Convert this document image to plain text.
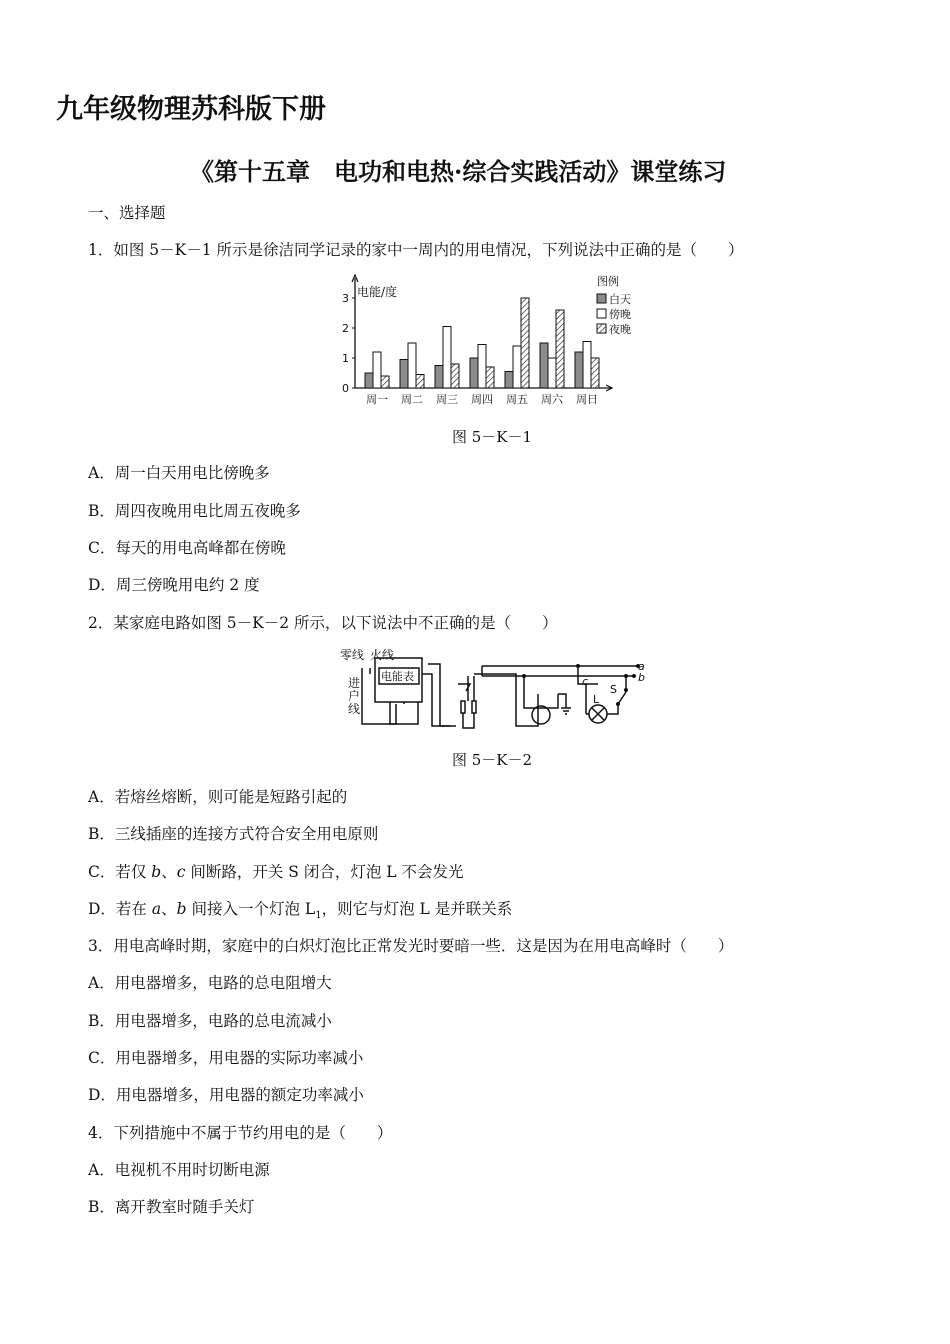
九年级物理苏科版下册
《第十五章　电功和电热·综合实践活动》课堂练习
一、选择题
1．如图 5－K－1 所示是徐洁同学记录的家中一周内的用电情况，下列说法中正确的是（　　）
周一 周二 周三 周四 周五 周六 周日
0
1
2
3 电能/度
图例
白天
傍晚
夜晚
图 5－K－1
A．周一白天用电比傍晚多
B．周四夜晚用电比周五夜晚多
C．每天的用电高峰都在傍晚
D．周三傍晚用电约 2 度
2．某家庭电路如图 5－K－2 所示，以下说法中不正确的是（　　）
零线 火线
进
户
线
电能表
a
b
c
L
S
图 5－K－2
A．若熔丝熔断，则可能是短路引起的
B．三线插座的连接方式符合安全用电原则
C．若仅 b、c 间断路，开关 S 闭合，灯泡 L 不会发光
D．若在 a、b 间接入一个灯泡 $L_1$，则它与灯泡 L 是并联关系
3．用电高峰时期，家庭中的白炽灯泡比正常发光时要暗一些．这是因为在用电高峰时（　　）
A．用电器增多，电路的总电阻增大
B．用电器增多，电路的总电流减小
C．用电器增多，用电器的实际功率减小
D．用电器增多，用电器的额定功率减小
4．下列措施中不属于节约用电的是（　　）
A．电视机不用时切断电源
B．离开教室时随手关灯
